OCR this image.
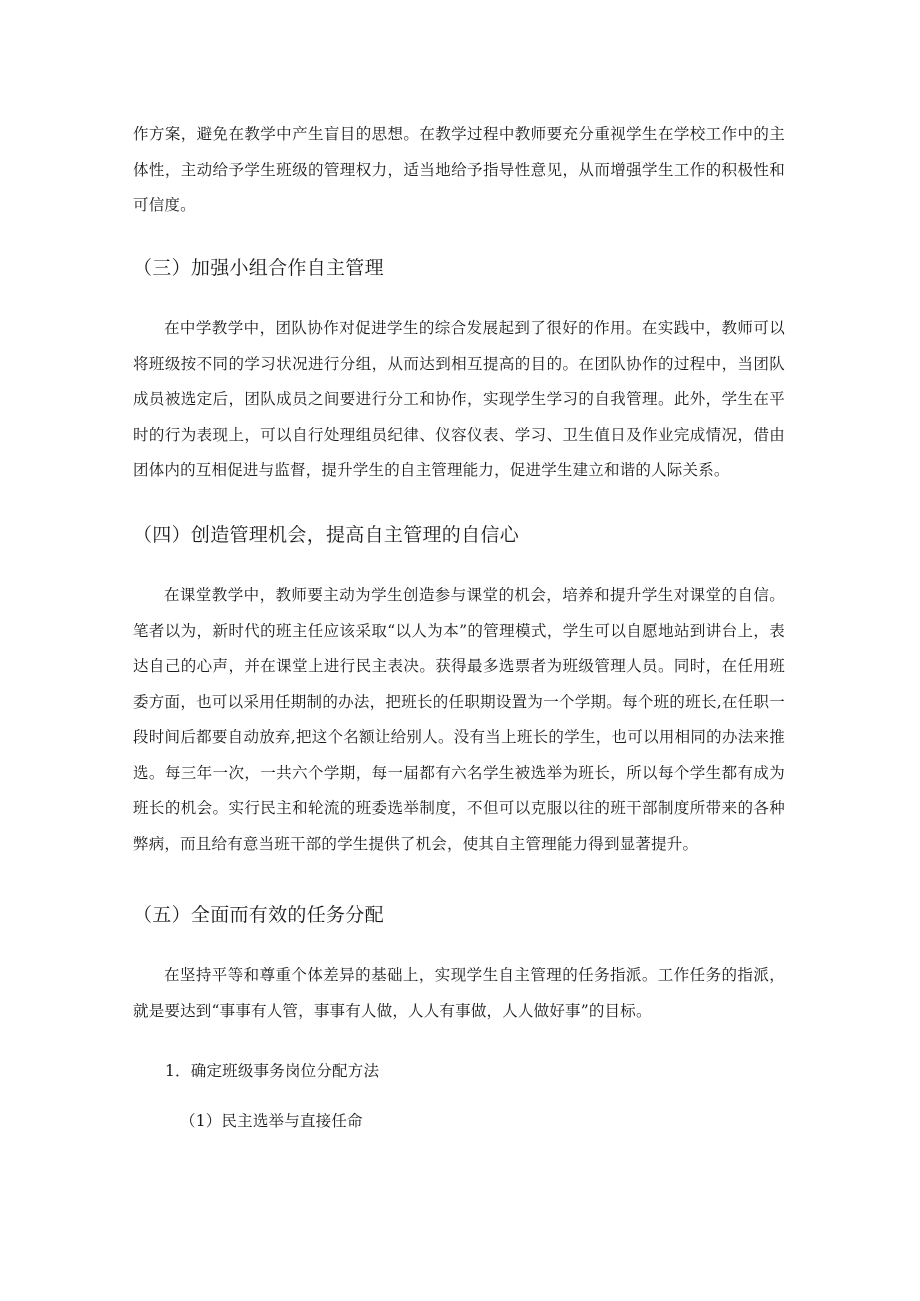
作方案，避免在教学中产生盲目的思想。在教学过程中教师要充分重视学生在学校工作中的主体性，主动给予学生班级的管理权力，适当地给予指导性意见，从而增强学生工作的积极性和可信度。

（三）加强小组合作自主管理

在中学教学中，团队协作对促进学生的综合发展起到了很好的作用。在实践中，教师可以将班级按不同的学习状况进行分组，从而达到相互提高的目的。在团队协作的过程中，当团队成员被选定后，团队成员之间要进行分工和协作，实现学生学习的自我管理。此外，学生在平时的行为表现上，可以自行处理组员纪律、仪容仪表、学习、卫生值日及作业完成情况，借由团体内的互相促进与监督，提升学生的自主管理能力，促进学生建立和谐的人际关系。

（四）创造管理机会，提高自主管理的自信心

在课堂教学中，教师要主动为学生创造参与课堂的机会，培养和提升学生对课堂的自信。笔者以为，新时代的班主任应该采取“以人为本”的管理模式，学生可以自愿地站到讲台上，表达自己的心声，并在课堂上进行民主表决。获得最多选票者为班级管理人员。同时，在任用班委方面，也可以采用任期制的办法，把班长的任职期设置为一个学期。每个班的班长,在任职一段时间后都要自动放弃,把这个名额让给别人。没有当上班长的学生，也可以用相同的办法来推选。每三年一次，一共六个学期，每一届都有六名学生被选举为班长，所以每个学生都有成为班长的机会。实行民主和轮流的班委选举制度，不但可以克服以往的班干部制度所带来的各种弊病，而且给有意当班干部的学生提供了机会，使其自主管理能力得到显著提升。

（五）全面而有效的任务分配

在坚持平等和尊重个体差异的基础上，实现学生自主管理的任务指派。工作任务的指派，就是要达到“事事有人管，事事有人做，人人有事做，人人做好事”的目标。

1．确定班级事务岗位分配方法

（1）民主选举与直接任命
